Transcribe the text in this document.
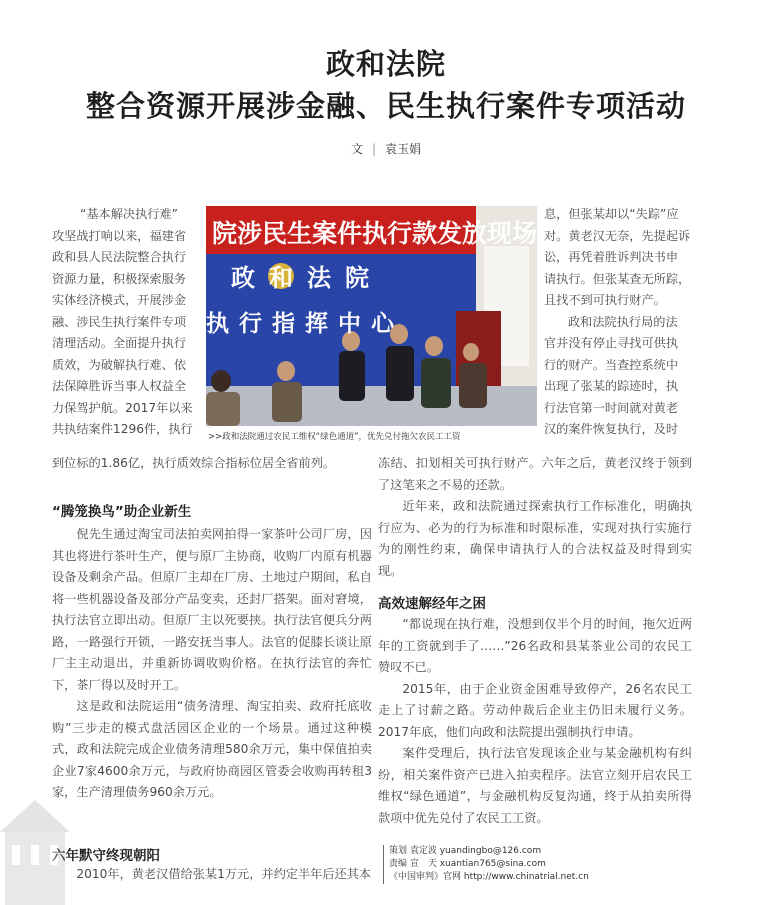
政和法院
整合资源开展涉金融、民生执行案件专项活动
文 | 袁玉娟
“基本解决执行难”
攻坚战打响以来，福建省
政和县人民法院整合执行
资源力量，积极探索服务
实体经济模式，开展涉金
融、涉民生执行案件专项
清理活动。全面提升执行
质效，为破解执行难、依
法保障胜诉当事人权益全
力保驾护航。2017年以来
共执结案件1296件，执行
到位标的1.86亿，执行质效综合指标位居全省前列。
院涉民生案件执行款发放现场
政和法院
执行指挥中心
>>政和法院通过农民工维权“绿色通道”，优先兑付拖欠农民工工资
“腾笼换鸟”助企业新生

倪先生通过淘宝司法拍卖网拍得一家茶叶公司厂房，因其也将进行茶叶生产，便与原厂主协商，收购厂内原有机器设备及剩余产品。但原厂主却在厂房、土地过户期间，私自将一些机器设备及部分产品变卖，还封厂搭架。面对窘境，执行法官立即出动。但原厂主以死要挟。执行法官便兵分两路，一路强行开锁，一路安抚当事人。法官的促膝长谈让原厂主主动退出，并重新协调收购价格。在执行法官的奔忙下，茶厂得以及时开工。

这是政和法院运用“债务清理、淘宝拍卖、政府托底收购”三步走的模式盘活园区企业的一个场景。通过这种模式，政和法院完成企业债务清理580余万元，集中保值拍卖企业7家4600余万元，与政府协商园区管委会收购再转租3家，生产清理债务960余万元。

六年默守终现朝阳

2010年，黄老汉借给张某1万元，并约定半年后还其本

息，但张某却以“失踪”应
对。黄老汉无奈，先提起诉
讼，再凭着胜诉判决书申
请执行。但张某查无所踪，
且找不到可执行财产。
政和法院执行局的法
官并没有停止寻找可供执
行的财产。当查控系统中
出现了张某的踪迹时，执
行法官第一时间就对黄老
汉的案件恢复执行，及时

冻结、扣划相关可执行财产。六年之后，黄老汉终于领到了这笔来之不易的还款。

近年来，政和法院通过探索执行工作标准化，明确执行应为、必为的行为标准和时限标准，实现对执行实施行为的刚性约束，确保申请执行人的合法权益及时得到实现。

高效速解经年之困

“都说现在执行难，没想到仅半个月的时间，拖欠近两年的工资就到手了……”26名政和县某茶业公司的农民工赞叹不已。

2015年，由于企业资金困难导致停产，26名农民工走上了讨薪之路。劳动仲裁后企业主仍旧未履行义务。2017年底，他们向政和法院提出强制执行申请。

案件受理后，执行法官发现该企业与某金融机构有纠纷，相关案件资产已进入拍卖程序。法官立刻开启农民工维权“绿色通道”，与金融机构反复沟通，终于从拍卖所得款项中优先兑付了农民工工资。

策划 袁定波 yuandingbo@126.com
责编 宣　天 xuantian765@sina.com
《中国审判》官网 http://www.chinatrial.net.cn
